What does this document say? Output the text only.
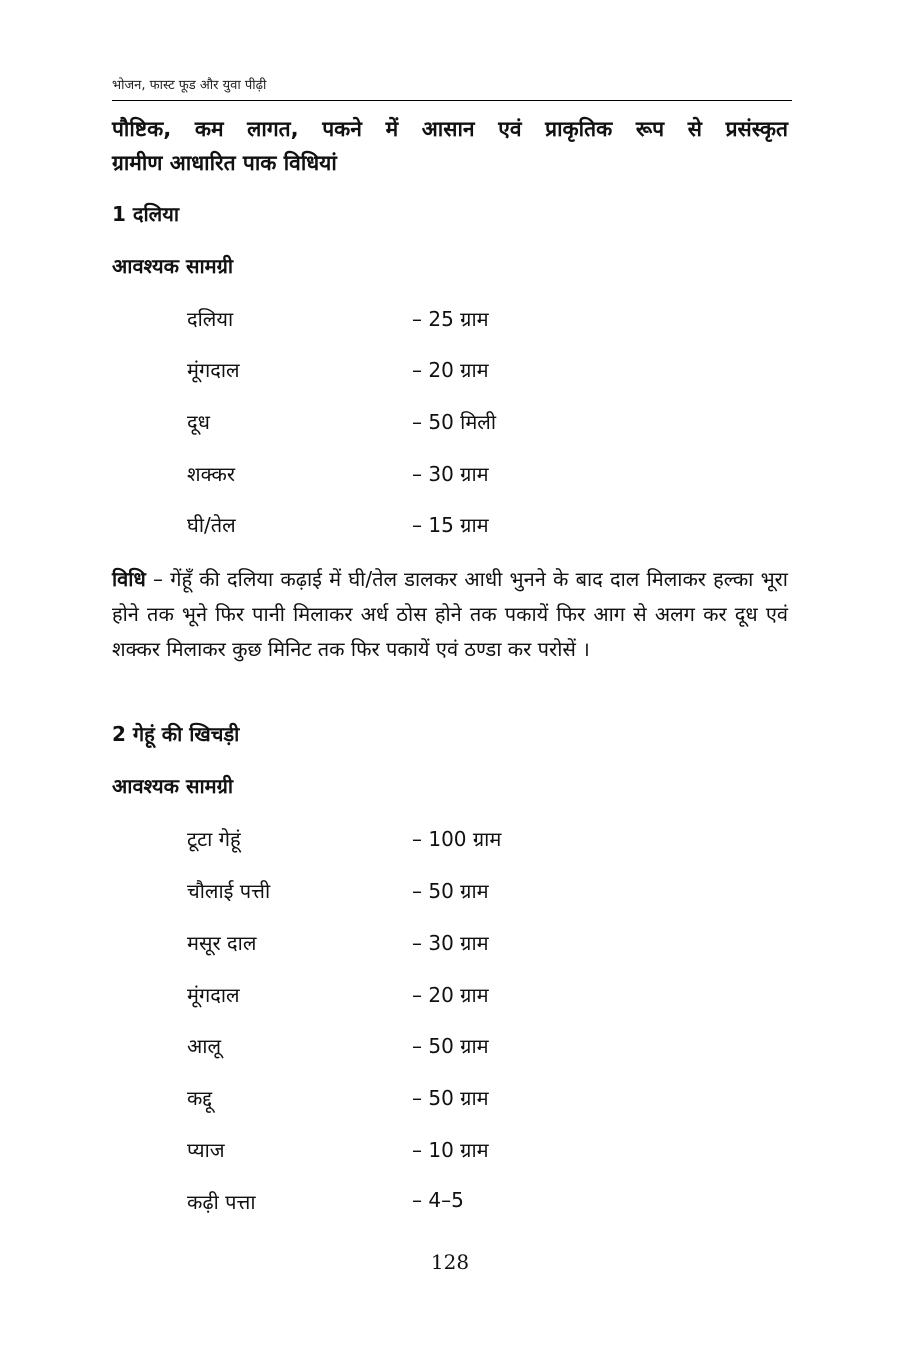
भोजन, फास्ट फूड और युवा पीढ़ी
पौष्टिक, कम लागत, पकने में आसान एवं प्राकृतिक रूप से प्रसंस्कृत
ग्रामीण आधारित पाक विधियां
1 दलिया
आवश्यक सामग्री
दलिया	– 25 ग्राम
मूंगदाल	– 20 ग्राम
दूध	– 50 मिली
शक्कर	– 30 ग्राम
घी/तेल	– 15 ग्राम
विधि – गेंहूँ की दलिया कढ़ाई में घी/तेल डालकर आधी भुनने के बाद दाल मिलाकर हल्का भूरा होने तक भूने फिर पानी मिलाकर अर्ध ठोस होने तक पकायें फिर आग से अलग कर दूध एवं शक्कर मिलाकर कुछ मिनिट तक फिर पकायें एवं ठण्डा कर परोसें ।
2 गेहूं की खिचड़ी
आवश्यक सामग्री
टूटा गेहूं	– 100 ग्राम
चौलाई पत्ती	– 50 ग्राम
मसूर दाल	– 30 ग्राम
मूंगदाल	– 20 ग्राम
आलू	– 50 ग्राम
कद्दू	– 50 ग्राम
प्याज	– 10 ग्राम
कढ़ी पत्ता	– 4–5
128
